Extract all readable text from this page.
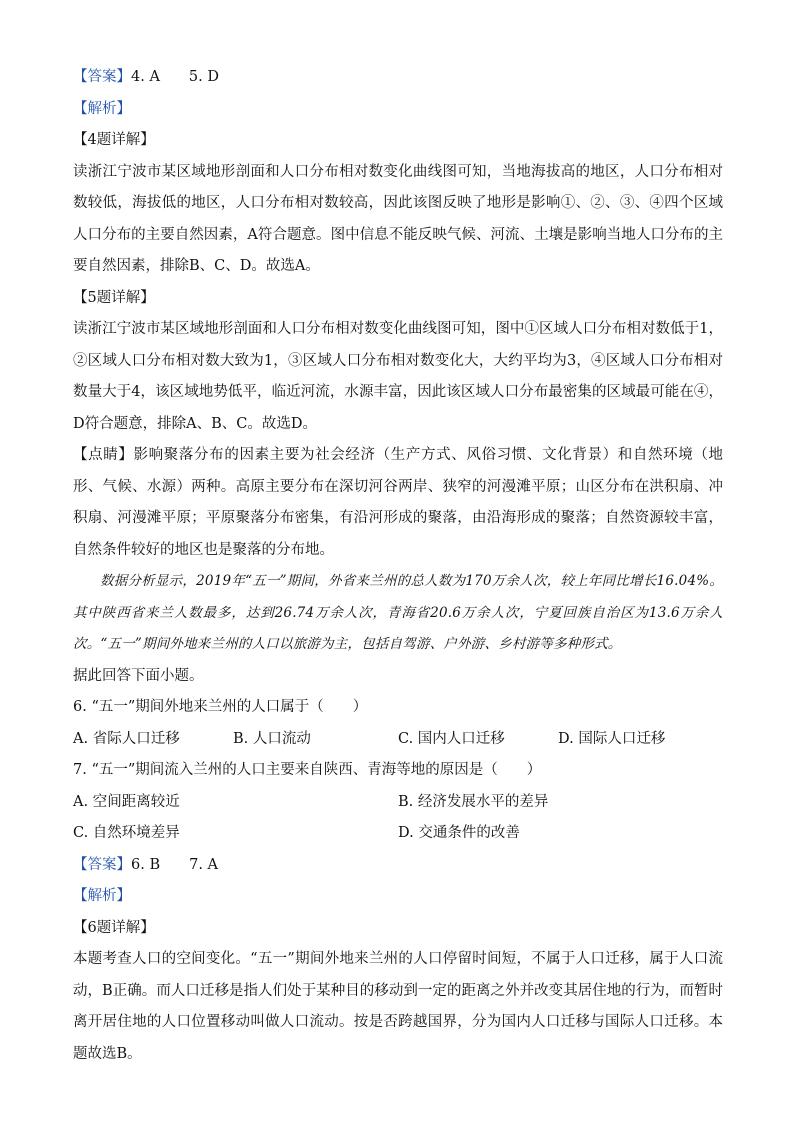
【答案】4. A　　5. D
【解析】
【4题详解】
读浙江宁波市某区域地形剖面和人口分布相对数变化曲线图可知，当地海拔高的地区，人口分布相对数较低，海拔低的地区，人口分布相对数较高，因此该图反映了地形是影响①、②、③、④四个区域人口分布的主要自然因素，A符合题意。图中信息不能反映气候、河流、土壤是影响当地人口分布的主要自然因素，排除B、C、D。故选A。
【5题详解】
读浙江宁波市某区域地形剖面和人口分布相对数变化曲线图可知，图中①区域人口分布相对数低于1，②区域人口分布相对数大致为1，③区域人口分布相对数变化大，大约平均为3，④区域人口分布相对数量大于4，该区域地势低平，临近河流，水源丰富，因此该区域人口分布最密集的区域最可能在④，D符合题意，排除A、B、C。故选D。
【点睛】影响聚落分布的因素主要为社会经济（生产方式、风俗习惯、文化背景）和自然环境（地形、气候、水源）两种。高原主要分布在深切河谷两岸、狭窄的河漫滩平原；山区分布在洪积扇、冲积扇、河漫滩平原；平原聚落分布密集，有沿河形成的聚落，由沿海形成的聚落；自然资源较丰富，自然条件较好的地区也是聚落的分布地。
数据分析显示，2019年“五一”期间，外省来兰州的总人数为170万余人次，较上年同比增长16.04%。其中陕西省来兰人数最多，达到26.74万余人次，青海省20.6万余人次，宁夏回族自治区为13.6万余人次。“五一”期间外地来兰州的人口以旅游为主，包括自驾游、户外游、乡村游等多种形式。
据此回答下面小题。
6. “五一”期间外地来兰州的人口属于（　　）
A. 省际人口迁移	B. 人口流动	C. 国内人口迁移	D. 国际人口迁移
7. “五一”期间流入兰州的人口主要来自陕西、青海等地的原因是（　　）
A. 空间距离较近	B. 经济发展水平的差异
C. 自然环境差异	D. 交通条件的改善
【答案】6. B　　7. A
【解析】
【6题详解】
本题考查人口的空间变化。“五一”期间外地来兰州的人口停留时间短，不属于人口迁移，属于人口流动，B正确。而人口迁移是指人们处于某种目的移动到一定的距离之外并改变其居住地的行为，而暂时离开居住地的人口位置移动叫做人口流动。按是否跨越国界，分为国内人口迁移与国际人口迁移。本题故选B。
